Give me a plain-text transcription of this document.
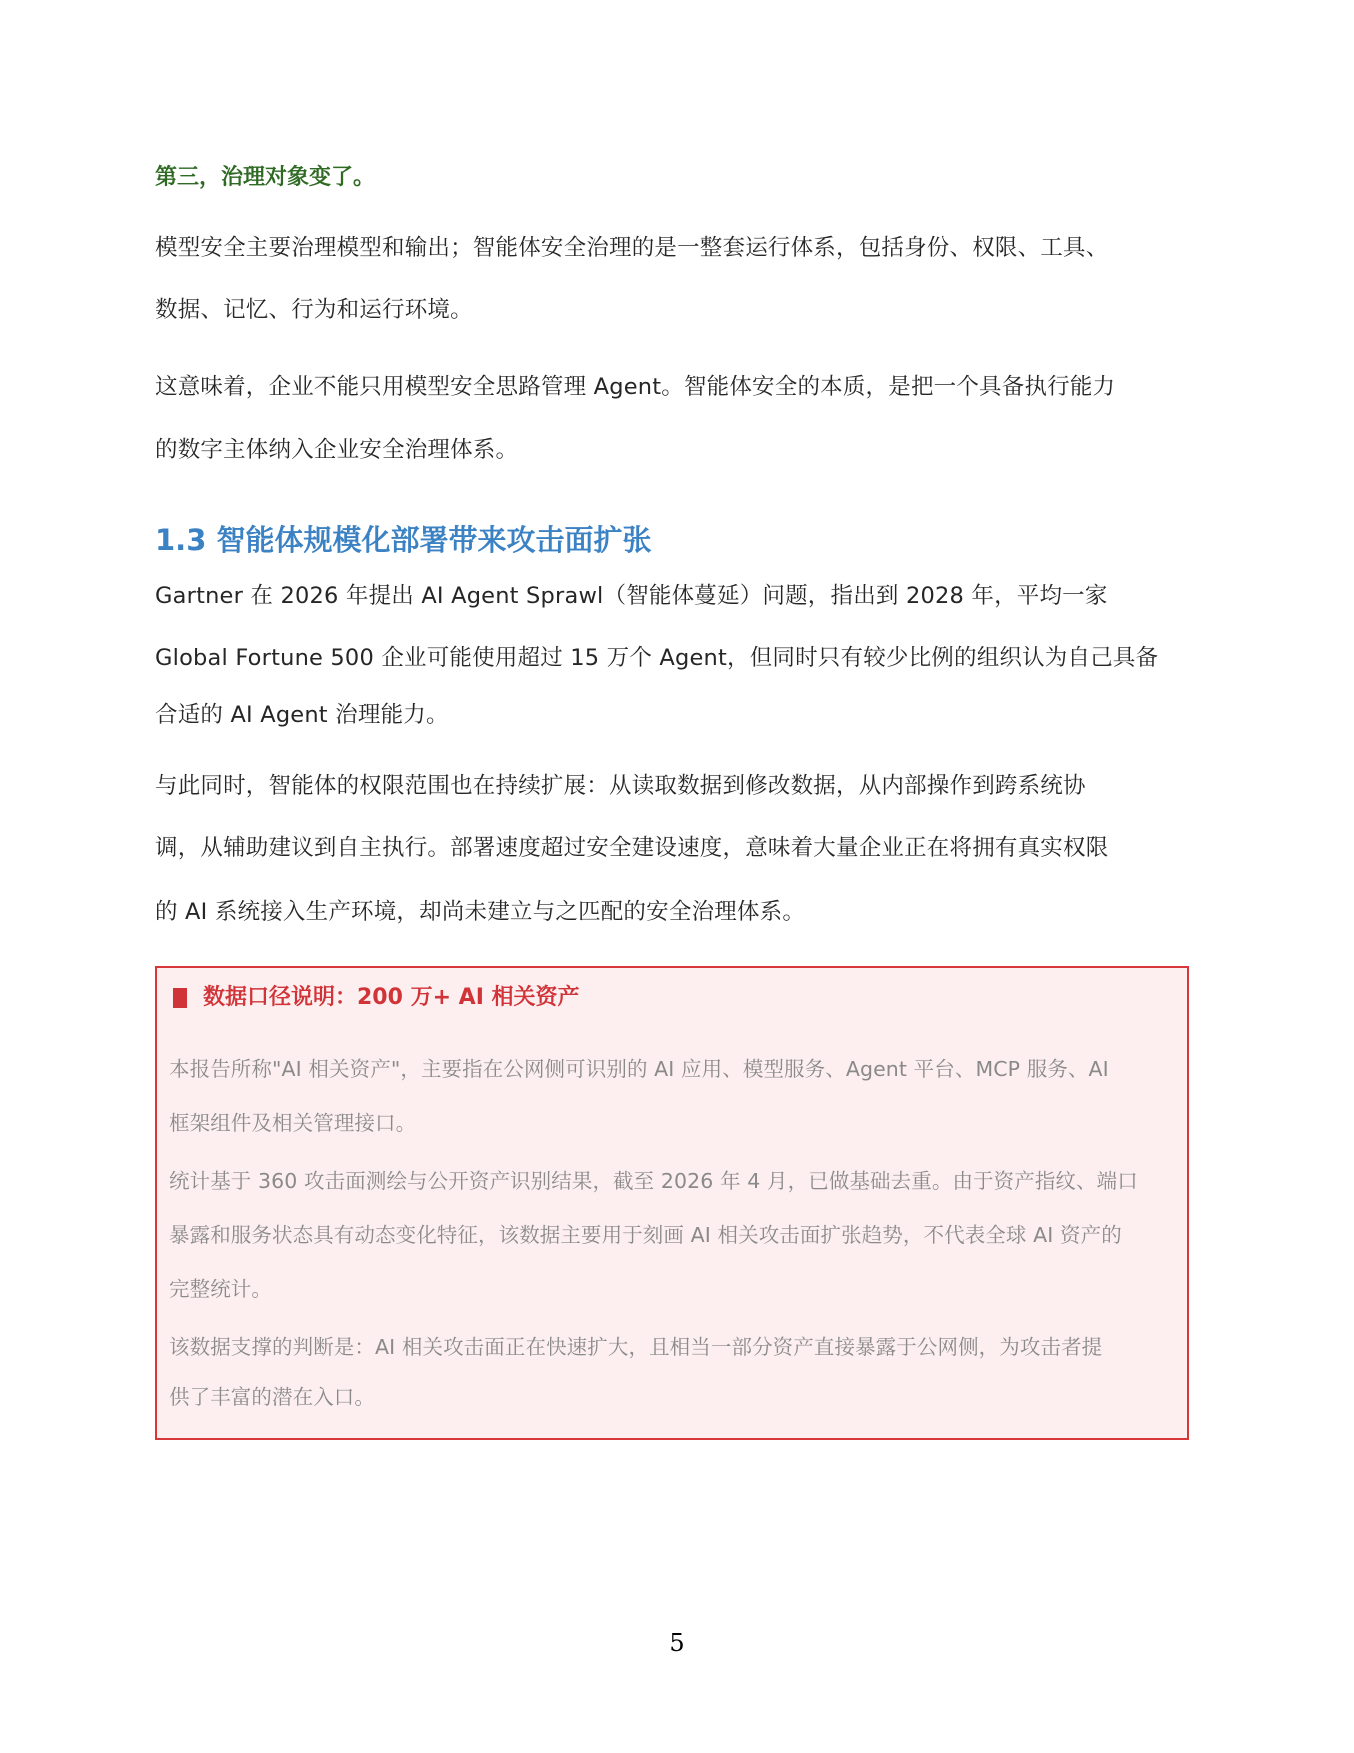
第三，治理对象变了。
模型安全主要治理模型和输出；智能体安全治理的是一整套运行体系，包括身份、权限、工具、
数据、记忆、行为和运行环境。
这意味着，企业不能只用模型安全思路管理 Agent。智能体安全的本质，是把一个具备执行能力
的数字主体纳入企业安全治理体系。
1.3 智能体规模化部署带来攻击面扩张
Gartner 在 2026 年提出 AI Agent Sprawl（智能体蔓延）问题，指出到 2028 年，平均一家
Global Fortune 500 企业可能使用超过 15 万个 Agent，但同时只有较少比例的组织认为自己具备
合适的 AI Agent 治理能力。
与此同时，智能体的权限范围也在持续扩展：从读取数据到修改数据，从内部操作到跨系统协
调，从辅助建议到自主执行。部署速度超过安全建设速度，意味着大量企业正在将拥有真实权限
的 AI 系统接入生产环境，却尚未建立与之匹配的安全治理体系。
数据口径说明：200 万+ AI 相关资产
本报告所称"AI 相关资产"，主要指在公网侧可识别的 AI 应用、模型服务、Agent 平台、MCP 服务、AI
框架组件及相关管理接口。
统计基于 360 攻击面测绘与公开资产识别结果，截至 2026 年 4 月，已做基础去重。由于资产指纹、端口
暴露和服务状态具有动态变化特征，该数据主要用于刻画 AI 相关攻击面扩张趋势，不代表全球 AI 资产的
完整统计。
该数据支撑的判断是：AI 相关攻击面正在快速扩大，且相当一部分资产直接暴露于公网侧，为攻击者提
供了丰富的潜在入口。
5
